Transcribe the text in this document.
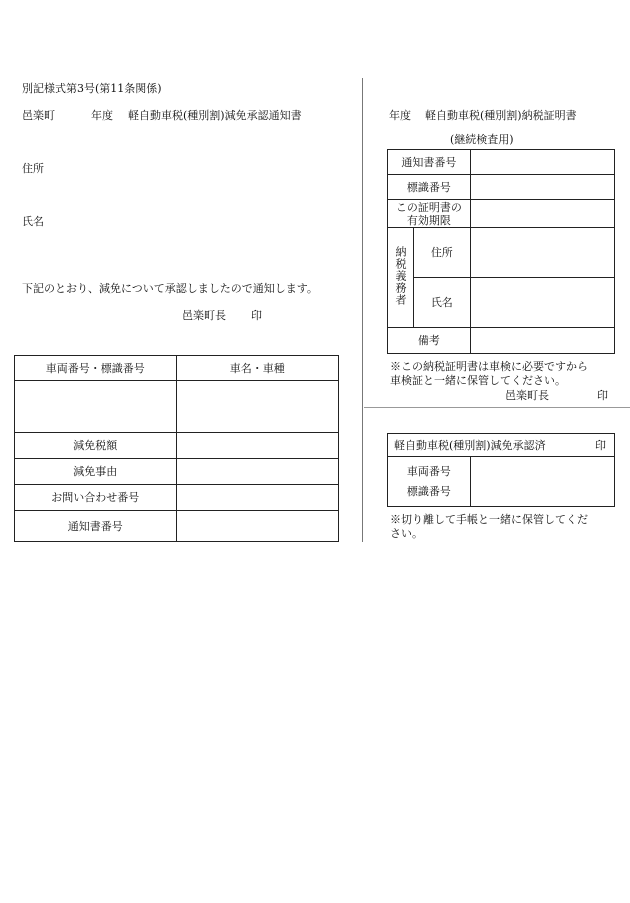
別記様式第3号(第11条関係)
邑楽町	年度 軽自動車税(種別割)減免承認通知書
住所
氏名
下記のとおり、減免について承認しましたので通知します。
邑楽町長 印
車両番号・標識番号	車名・車種

減免税額	
減免事由	
お問い合わせ番号	
通知書番号	
年度 軽自動車税(種別割)納税証明書
(継続検査用)
通知書番号		
標識番号		

この証明書の
有効期限		

納税義務者	住所	
	氏名	
備考		
※この納税証明書は車検に必要ですから
車検証と一緒に保管してください。
邑楽町長	印
軽自動車税(種別割)減免承認済	印

車両番号
標識番号

※切り離して手帳と一緒に保管してくだ
さい。
